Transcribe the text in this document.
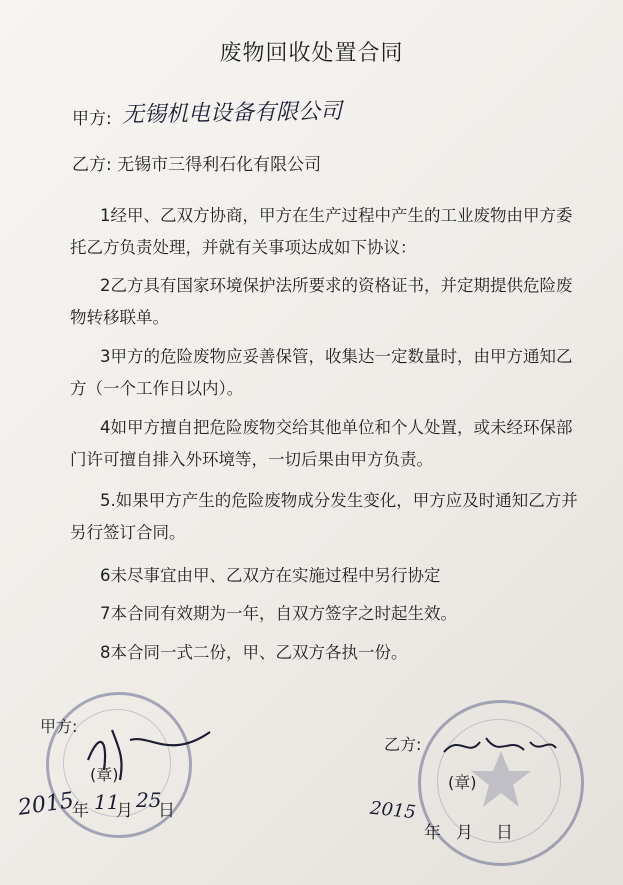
废物回收处置合同
甲方: 无锡机电设备有限公司
乙方: 无锡市三得利石化有限公司
1经甲、乙双方协商，甲方在生产过程中产生的工业废物由甲方委托乙方负责处理，并就有关事项达成如下协议：
2乙方具有国家环境保护法所要求的资格证书，并定期提供危险废物转移联单。
3甲方的危险废物应妥善保管，收集达一定数量时，由甲方通知乙方（一个工作日以内）。
4如甲方擅自把危险废物交给其他单位和个人处置，或未经环保部门许可擅自排入外环境等，一切后果由甲方负责。
5.如果甲方产生的危险废物成分发生变化，甲方应及时通知乙方并另行签订合同。
6未尽事宜由甲、乙双方在实施过程中另行协定
7本合同有效期为一年，自双方签字之时起生效。
8本合同一式二份，甲、乙双方各执一份。
甲方:
(章)
2015
年 11
月 25
日
乙方:
(章)
2015
年 月 日
